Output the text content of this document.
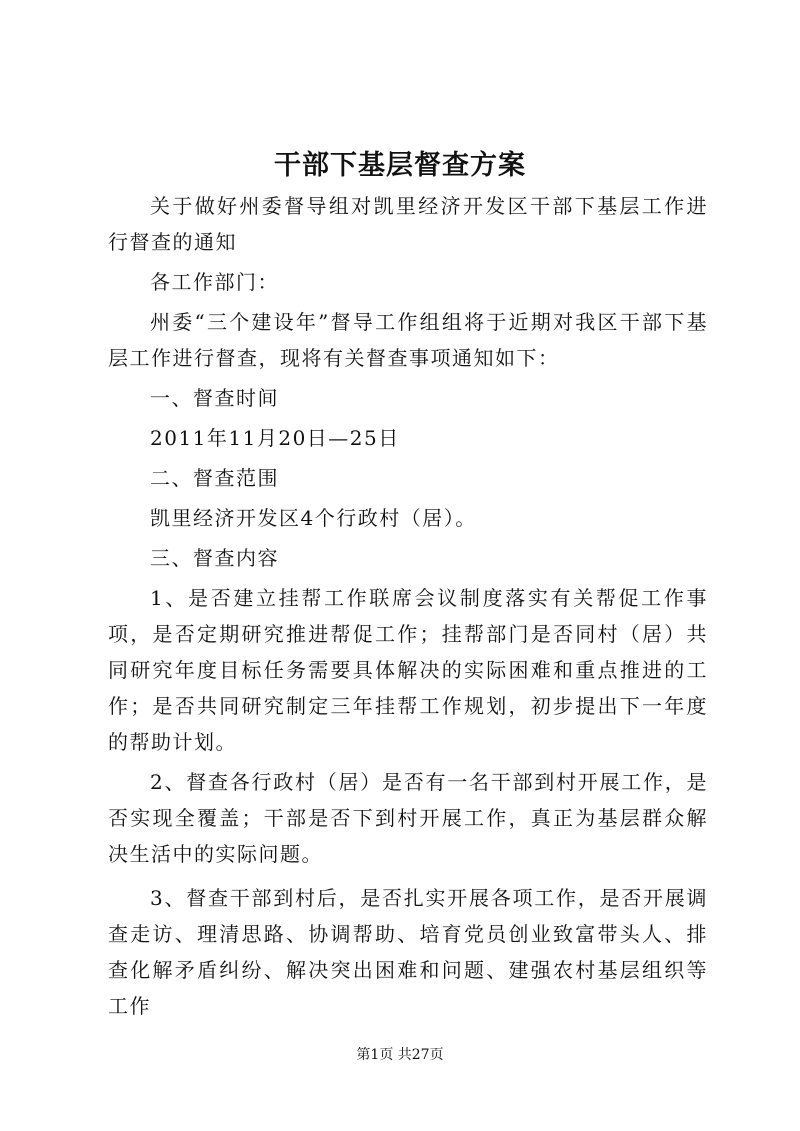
干部下基层督查方案

关于做好州委督导组对凯里经济开发区干部下基层工作进行督查的通知

各工作部门：

州委“三个建设年”督导工作组组将于近期对我区干部下基层工作进行督查，现将有关督查事项通知如下：

一、督查时间

2011年11月20日—25日

二、督查范围

凯里经济开发区4个行政村（居）。

三、督查内容

1、是否建立挂帮工作联席会议制度落实有关帮促工作事项，是否定期研究推进帮促工作；挂帮部门是否同村（居）共同研究年度目标任务需要具体解决的实际困难和重点推进的工作；是否共同研究制定三年挂帮工作规划，初步提出下一年度的帮助计划。

2、督查各行政村（居）是否有一名干部到村开展工作，是否实现全覆盖；干部是否下到村开展工作，真正为基层群众解决生活中的实际问题。

3、督查干部到村后，是否扎实开展各项工作，是否开展调查走访、理清思路、协调帮助、培育党员创业致富带头人、排查化解矛盾纠纷、解决突出困难和问题、建强农村基层组织等工作

第1页 共27页
